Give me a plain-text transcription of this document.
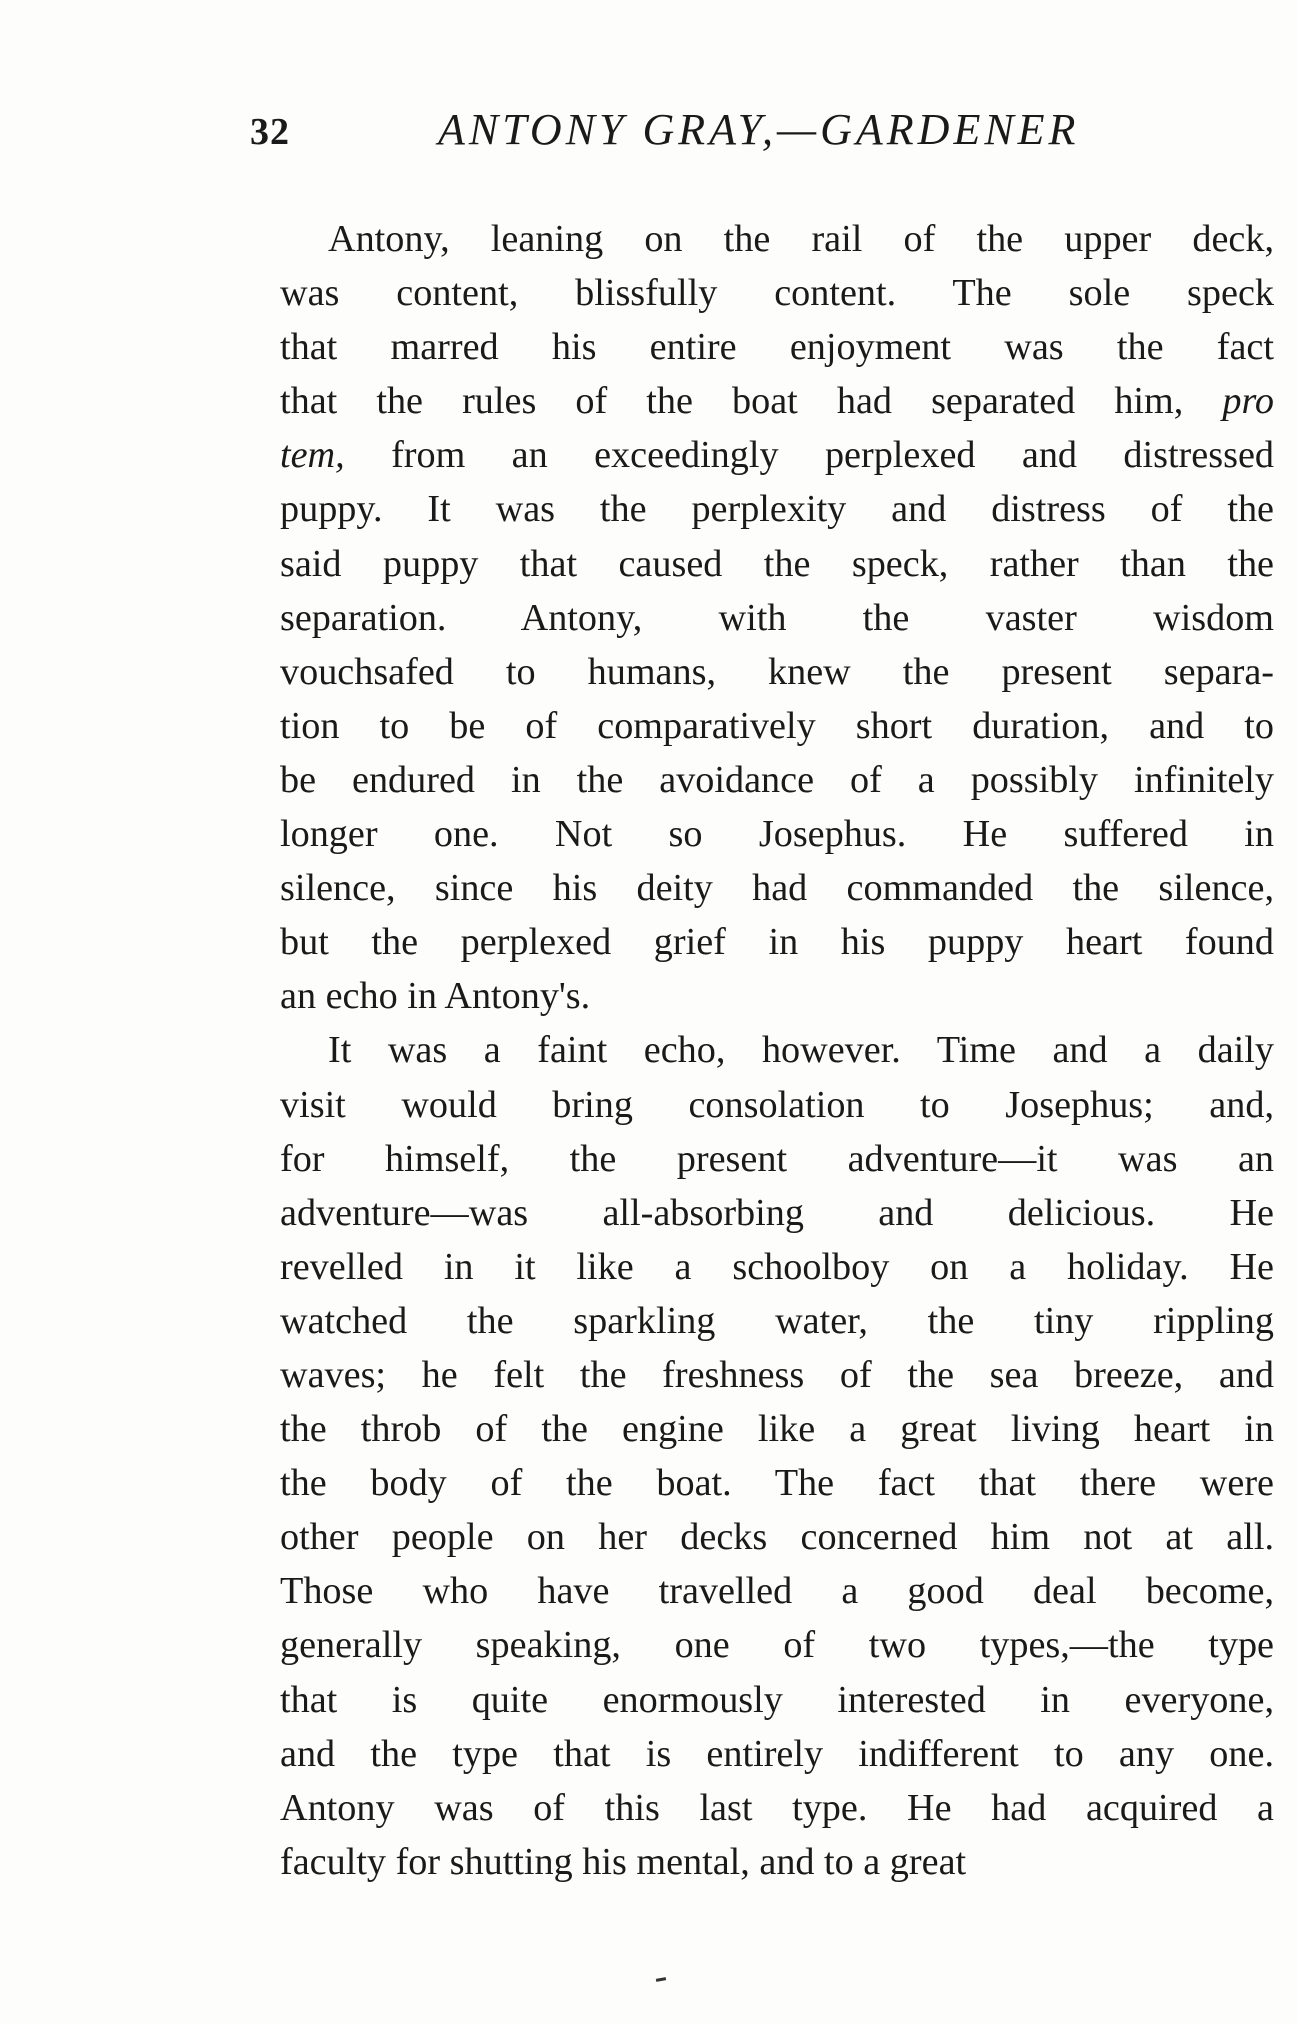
32	ANTONY GRAY,—GARDENER
Antony, leaning on the rail of the upper deck,
was content, blissfully content. The sole speck
that marred his entire enjoyment was the fact
that the rules of the boat had separated him, pro
tem, from an exceedingly perplexed and distressed
puppy. It was the perplexity and distress of the
said puppy that caused the speck, rather than the
separation. Antony, with the vaster wisdom
vouchsafed to humans, knew the present separa-
tion to be of comparatively short duration, and to
be endured in the avoidance of a possibly infinitely
longer one. Not so Josephus. He suffered in
silence, since his deity had commanded the silence,
but the perplexed grief in his puppy heart found
an echo in Antony's.
It was a faint echo, however. Time and a daily
visit would bring consolation to Josephus; and,
for himself, the present adventure—it was an
adventure—was all-absorbing and delicious. He
revelled in it like a schoolboy on a holiday. He
watched the sparkling water, the tiny rippling
waves; he felt the freshness of the sea breeze, and
the throb of the engine like a great living heart in
the body of the boat. The fact that there were
other people on her decks concerned him not at all.
Those who have travelled a good deal become,
generally speaking, one of two types,—the type
that is quite enormously interested in everyone,
and the type that is entirely indifferent to any one.
Antony was of this last type. He had acquired a
faculty for shutting his mental, and to a great
